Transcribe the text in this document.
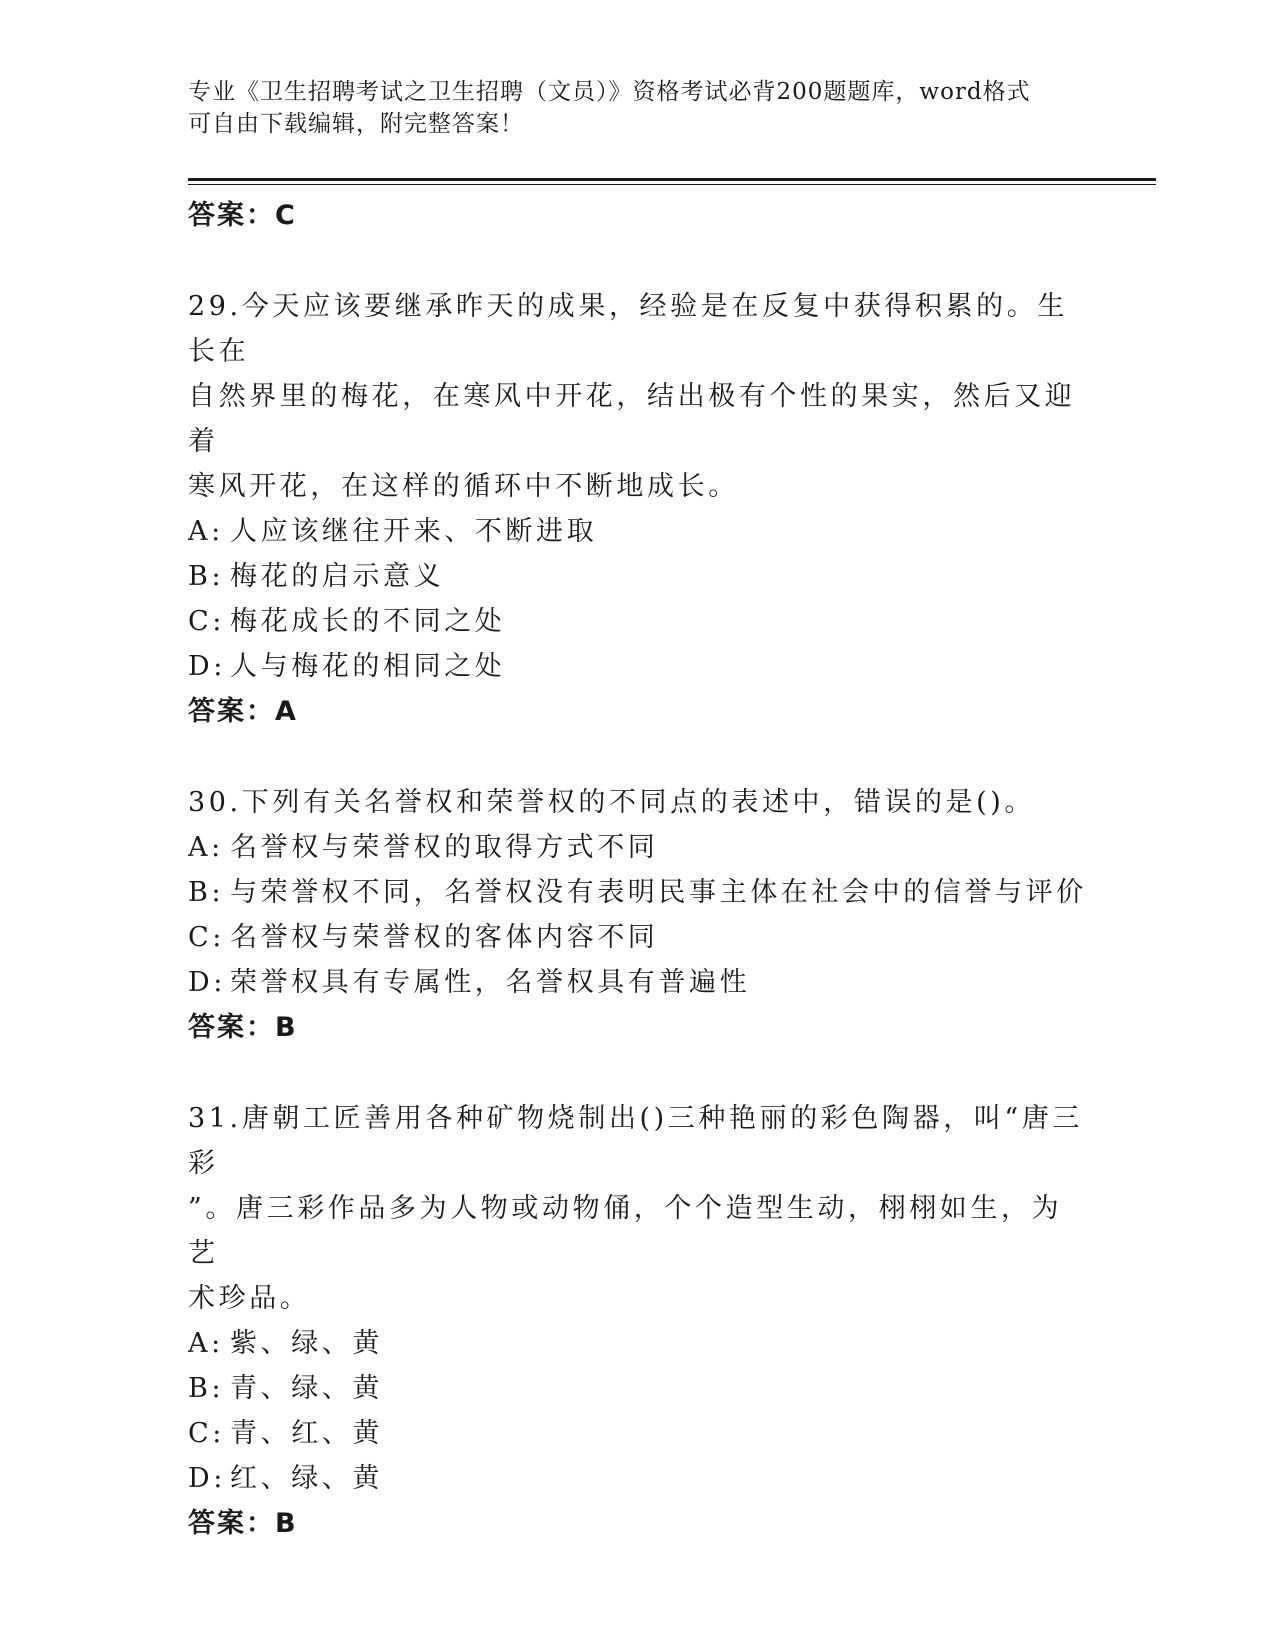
专业《卫生招聘考试之卫生招聘（文员）》资格考试必背200题题库，word格式
可自由下载编辑，附完整答案！
答案：C
29.今天应该要继承昨天的成果，经验是在反复中获得积累的。生长在
自然界里的梅花，在寒风中开花，结出极有个性的果实，然后又迎着
寒风开花，在这样的循环中不断地成长。
A: 人应该继往开来、不断进取
B: 梅花的启示意义
C: 梅花成长的不同之处
D: 人与梅花的相同之处
答案：A
30.下列有关名誉权和荣誉权的不同点的表述中，错误的是()。
A: 名誉权与荣誉权的取得方式不同
B: 与荣誉权不同，名誉权没有表明民事主体在社会中的信誉与评价
C: 名誉权与荣誉权的客体内容不同
D: 荣誉权具有专属性，名誉权具有普遍性
答案：B
31.唐朝工匠善用各种矿物烧制出()三种艳丽的彩色陶器，叫“唐三彩
”。唐三彩作品多为人物或动物俑，个个造型生动，栩栩如生，为艺
术珍品。
A: 紫、绿、黄
B: 青、绿、黄
C: 青、红、黄
D: 红、绿、黄
答案：B
